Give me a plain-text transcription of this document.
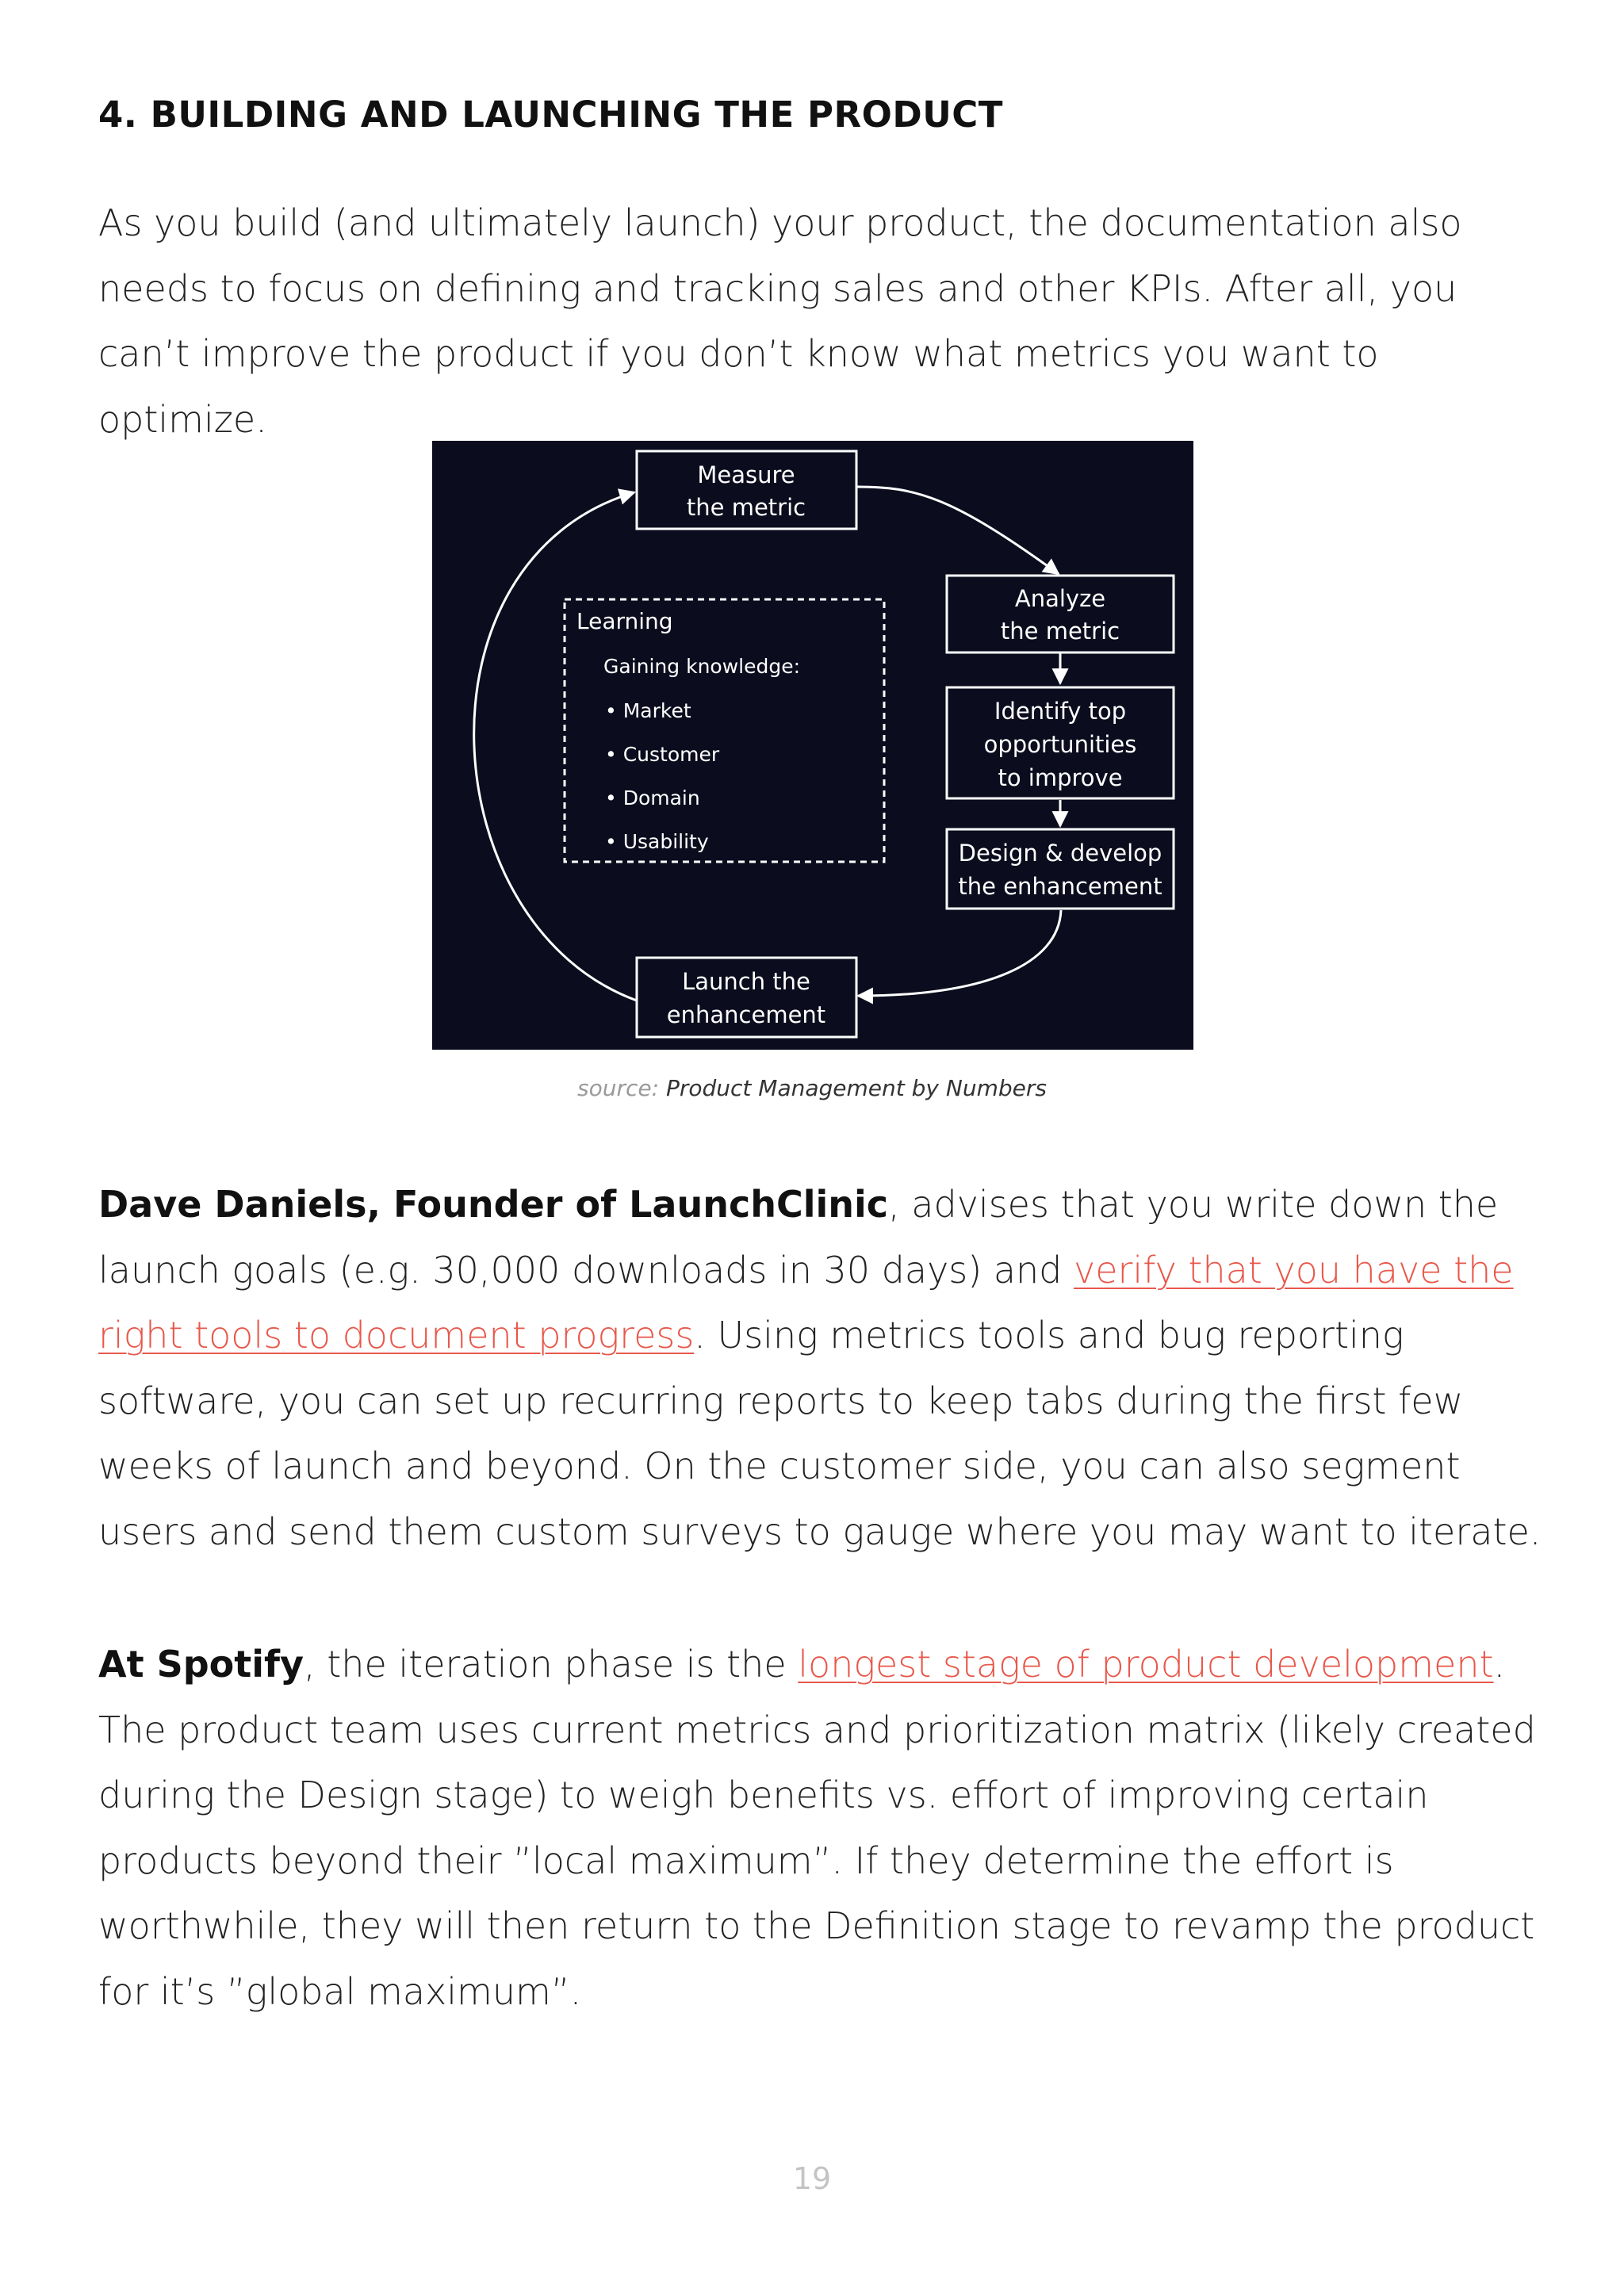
4. BUILDING AND LAUNCHING THE PRODUCT

As you build (and ultimately launch) your product, the documentation also needs to focus on defining and tracking sales and other KPIs. After all, you can’t improve the product if you don’t know what metrics you want to optimize.

Measure
the metric
Analyze
the metric
Identify top
opportunities
to improve
Design & develop
the enhancement
Launch the
enhancement
Learning
Gaining knowledge:
• Market
• Customer
• Domain
• Usability

source: Product Management by Numbers

Dave Daniels, Founder of LaunchClinic, advises that you write down the launch goals (e.g. 30,000 downloads in 30 days) and verify that you have the right tools to document progress. Using metrics tools and bug reporting software, you can set up recurring reports to keep tabs during the first few weeks of launch and beyond. On the customer side, you can also segment users and send them custom surveys to gauge where you may want to iterate.

At Spotify, the iteration phase is the longest stage of product development. The product team uses current metrics and prioritization matrix (likely created during the Design stage) to weigh benefits vs. effort of improving certain products beyond their ”local maximum”. If they determine the effort is worthwhile, they will then return to the Definition stage to revamp the product for it’s ”global maximum”.

19
